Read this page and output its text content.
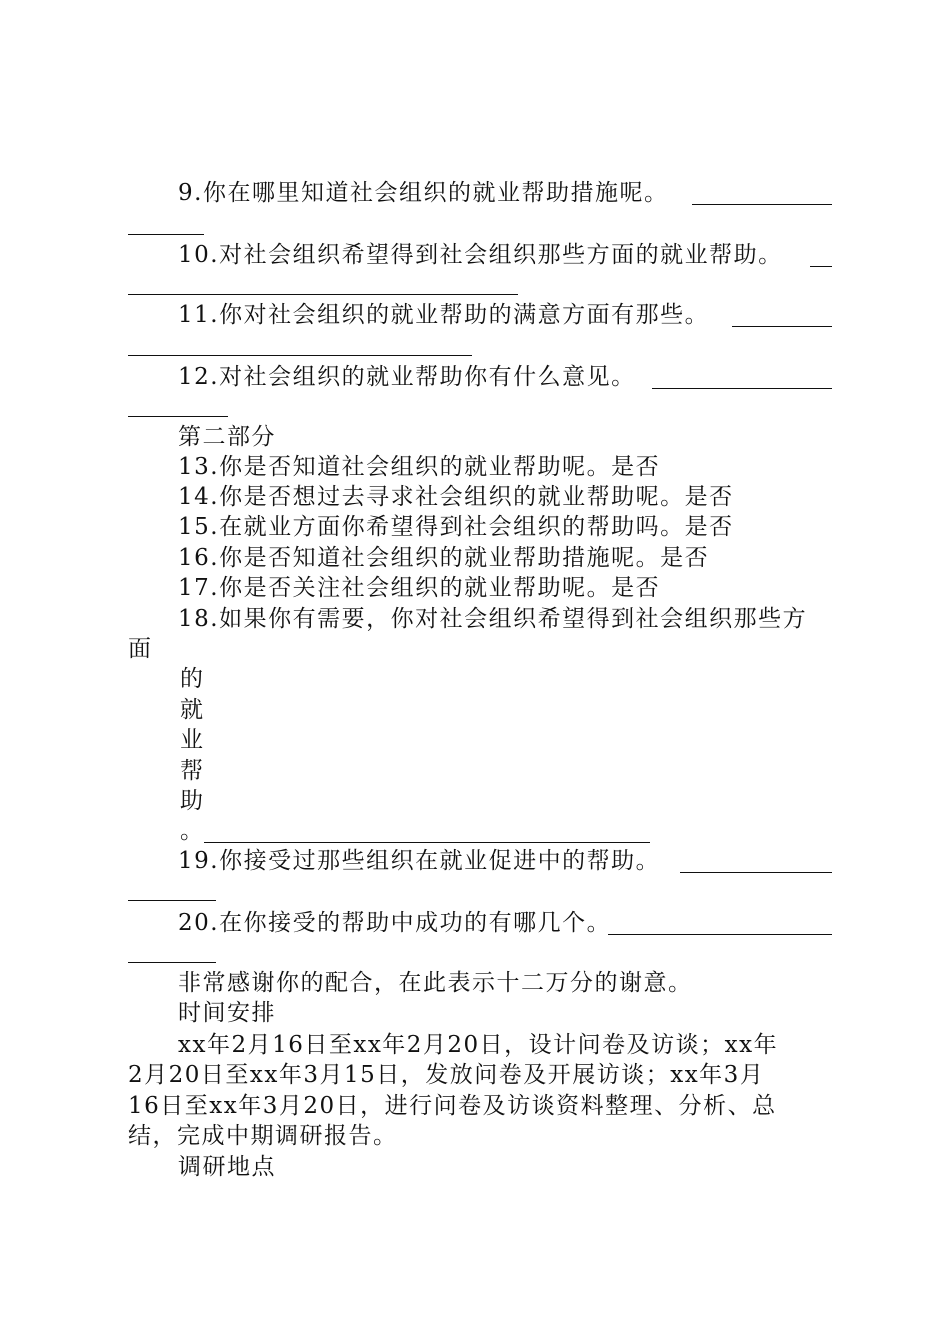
9.你在哪里知道社会组织的就业帮助措施呢。
10.对社会组织希望得到社会组织那些方面的就业帮助。
11.你对社会组织的就业帮助的满意方面有那些。
12.对社会组织的就业帮助你有什么意见。
第二部分
13.你是否知道社会组织的就业帮助呢。是否
14.你是否想过去寻求社会组织的就业帮助呢。是否
15.在就业方面你希望得到社会组织的帮助吗。是否
16.你是否知道社会组织的就业帮助措施呢。是否
17.你是否关注社会组织的就业帮助呢。是否
18.如果你有需要，你对社会组织希望得到社会组织那些方
面
的
就
业
帮
助
。
19.你接受过那些组织在就业促进中的帮助。
20.在你接受的帮助中成功的有哪几个。
非常感谢你的配合，在此表示十二万分的谢意。
时间安排
xx年2月16日至xx年2月20日，设计问卷及访谈；xx年
2月20日至xx年3月15日，发放问卷及开展访谈；xx年3月
16日至xx年3月20日，进行问卷及访谈资料整理、分析、总
结，完成中期调研报告。
调研地点
